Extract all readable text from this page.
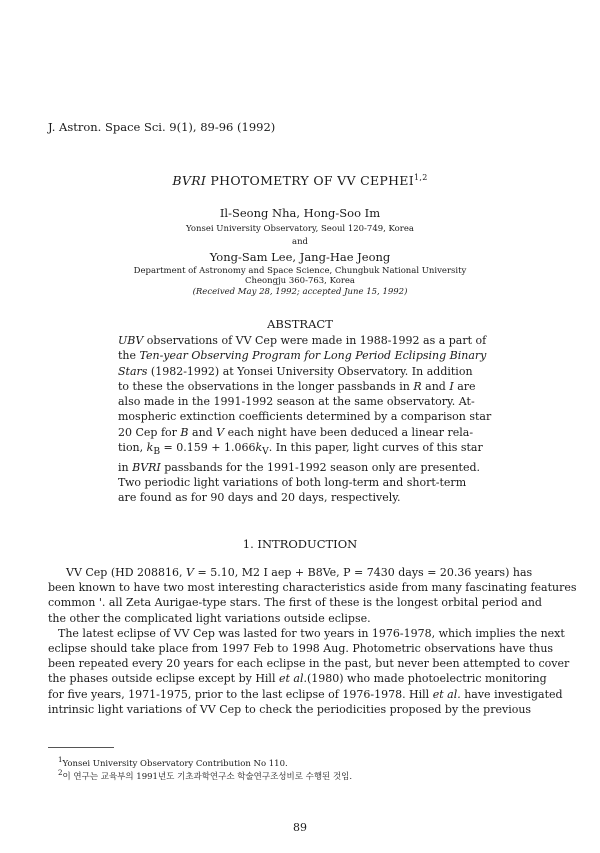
J. Astron. Space Sci. 9(1), 89-96 (1992)
BVRI PHOTOMETRY OF VV CEPHEI$^{1,2}$
Il-Seong Nha, Hong-Soo Im
Yonsei University Observatory, Seoul 120-749, Korea
and
Yong-Sam Lee, Jang-Hae Jeong
Department of Astronomy and Space Science, Chungbuk National University
Cheongju 360-763, Korea
(Received May 28, 1992; accepted June 15, 1992)
ABSTRACT
UBV observations of VV Cep were made in 1988-1992 as a part of
the Ten-year Observing Program for Long Period Eclipsing Binary
Stars (1982-1992) at Yonsei University Observatory. In addition
to these the observations in the longer passbands in R and I are
also made in the 1991-1992 season at the same observatory. At-
mospheric extinction coefficients determined by a comparison star
20 Cep for B and V each night have been deduced a linear rela-
tion, $k_B = 0.159 + 1.066k_V$. In this paper, light curves of this star
in BVRI passbands for the 1991-1992 season only are presented.
Two periodic light variations of both long-term and short-term
are found as for 90 days and 20 days, respectively.
1. INTRODUCTION
VV Cep (HD 208816, V = 5.10, M2 I aep + B8Ve, P = 7430 days = 20.36 years) has
been known to have two most interesting characteristics aside from many fascinating features
common '. all Zeta Aurigae-type stars. The first of these is the longest orbital period and
the other the complicated light variations outside eclipse.
The latest eclipse of VV Cep was lasted for two years in 1976-1978, which implies the next
eclipse should take place from 1997 Feb to 1998 Aug. Photometric observations have thus
been repeated every 20 years for each eclipse in the past, but never been attempted to cover
the phases outside eclipse except by Hill et al.(1980) who made photoelectric monitoring
for five years, 1971-1975, prior to the last eclipse of 1976-1978. Hill et al. have investigated
intrinsic light variations of VV Cep to check the periodicities proposed by the previous
$^1$Yonsei University Observatory Contribution No 110.
$^2$이 연구는 교육부의 1991년도 기초과학연구소 학술연구조성비로 수행된 것임.
89
